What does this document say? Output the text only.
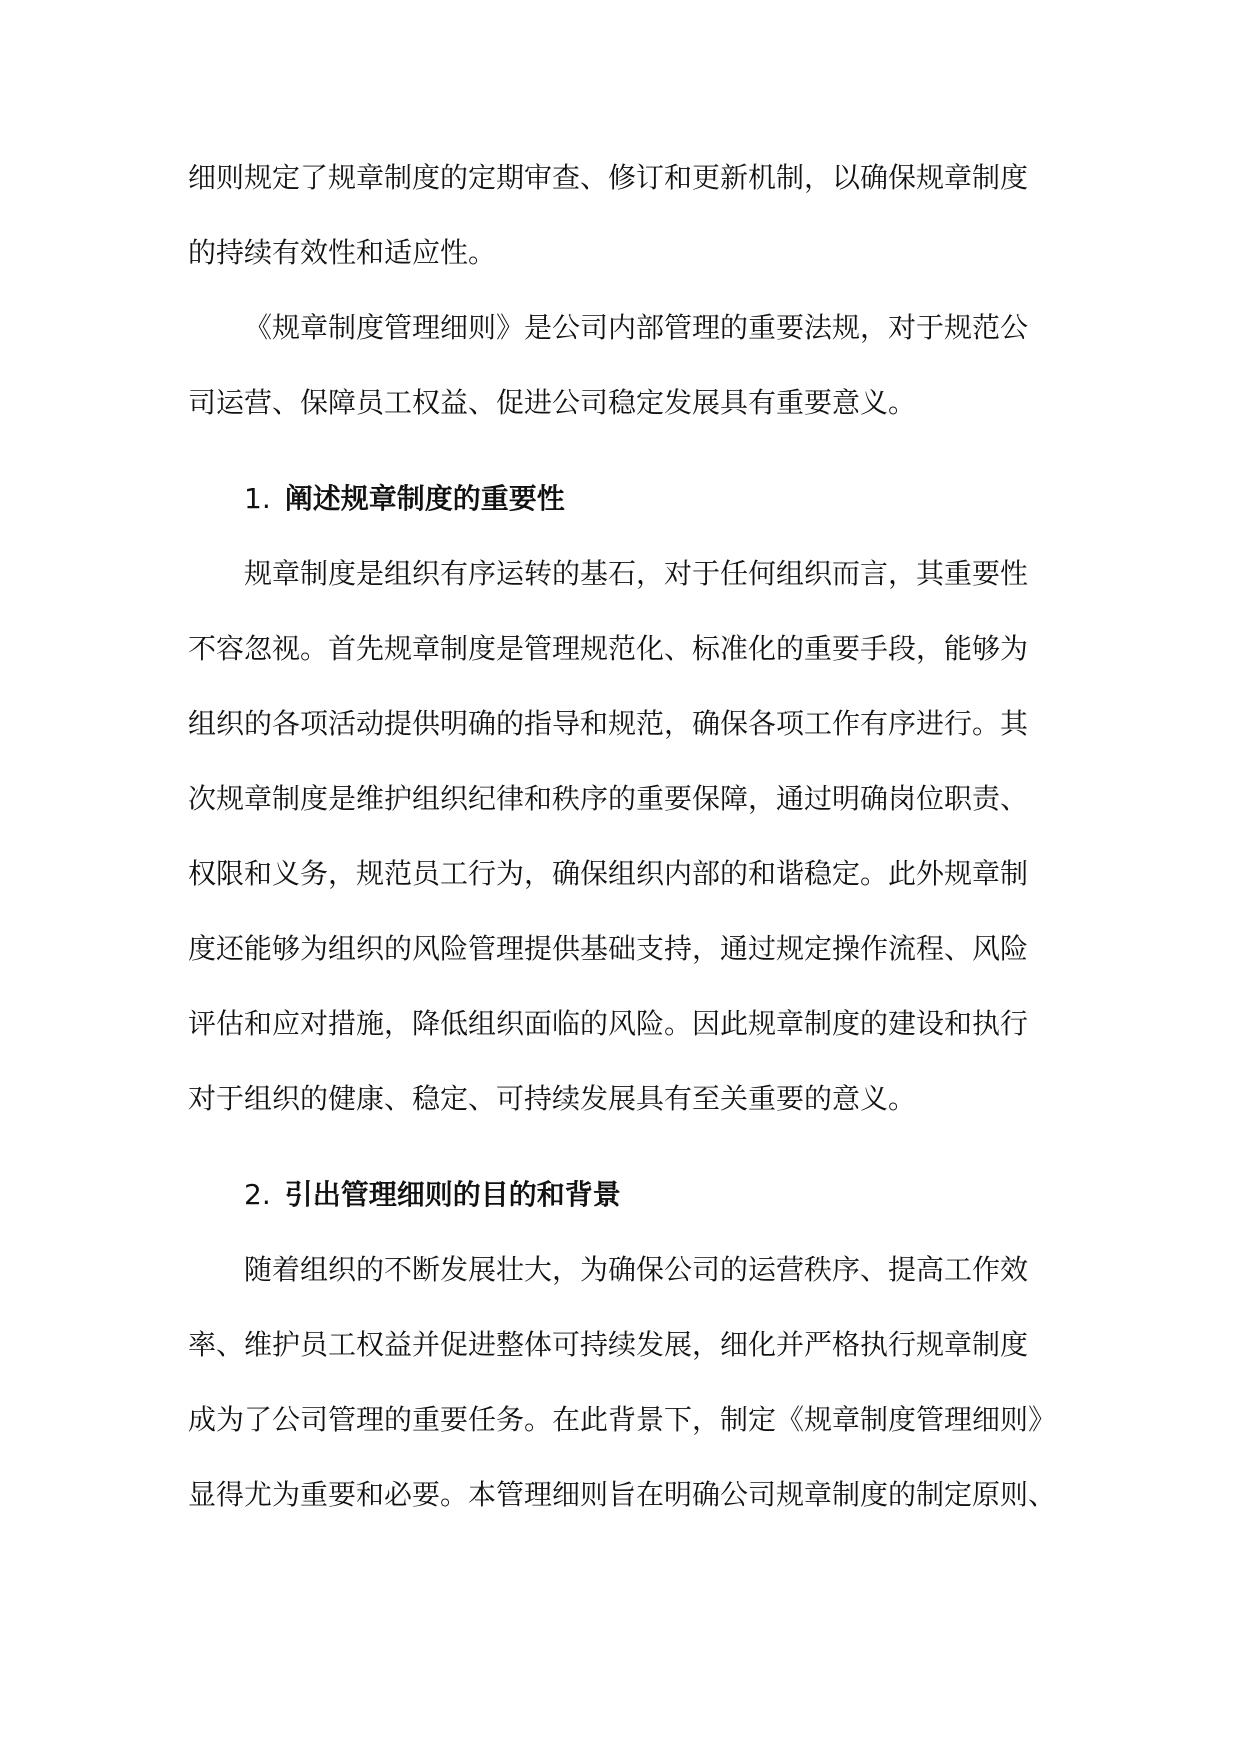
细则规定了规章制度的定期审查、修订和更新机制，以确保规章制度
的持续有效性和适应性。
《规章制度管理细则》是公司内部管理的重要法规，对于规范公
司运营、保障员工权益、促进公司稳定发展具有重要意义。
1. 阐述规章制度的重要性
规章制度是组织有序运转的基石，对于任何组织而言，其重要性
不容忽视。首先规章制度是管理规范化、标准化的重要手段，能够为
组织的各项活动提供明确的指导和规范，确保各项工作有序进行。其
次规章制度是维护组织纪律和秩序的重要保障，通过明确岗位职责、
权限和义务，规范员工行为，确保组织内部的和谐稳定。此外规章制
度还能够为组织的风险管理提供基础支持，通过规定操作流程、风险
评估和应对措施，降低组织面临的风险。因此规章制度的建设和执行
对于组织的健康、稳定、可持续发展具有至关重要的意义。
2. 引出管理细则的目的和背景
随着组织的不断发展壮大，为确保公司的运营秩序、提高工作效
率、维护员工权益并促进整体可持续发展，细化并严格执行规章制度
成为了公司管理的重要任务。在此背景下，制定《规章制度管理细则》
显得尤为重要和必要。本管理细则旨在明确公司规章制度的制定原则、
